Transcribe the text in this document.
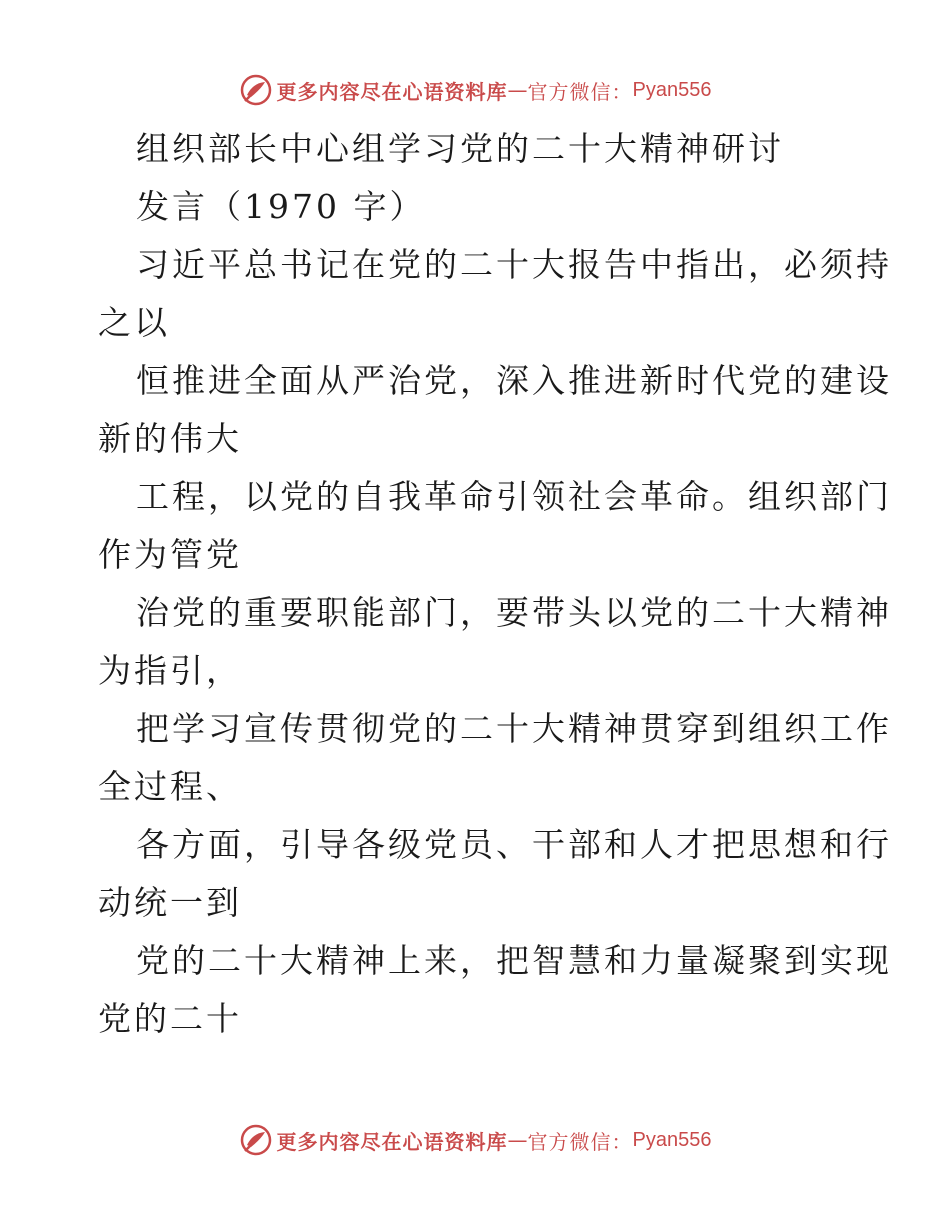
更多内容尽在心语资料库 — 官方微信： Pyan556
组织部长中心组学习党的二十大精神研讨
发言（1970 字）
习近平总书记在党的二十大报告中指出，必须持
之以
恒推进全面从严治党，深入推进新时代党的建设
新的伟大
工程，以党的自我革命引领社会革命。组织部门
作为管党
治党的重要职能部门，要带头以党的二十大精神
为指引，
把学习宣传贯彻党的二十大精神贯穿到组织工作
全过程、
各方面，引导各级党员、干部和人才把思想和行
动统一到
党的二十大精神上来，把智慧和力量凝聚到实现
党的二十
更多内容尽在心语资料库 — 官方微信： Pyan556
